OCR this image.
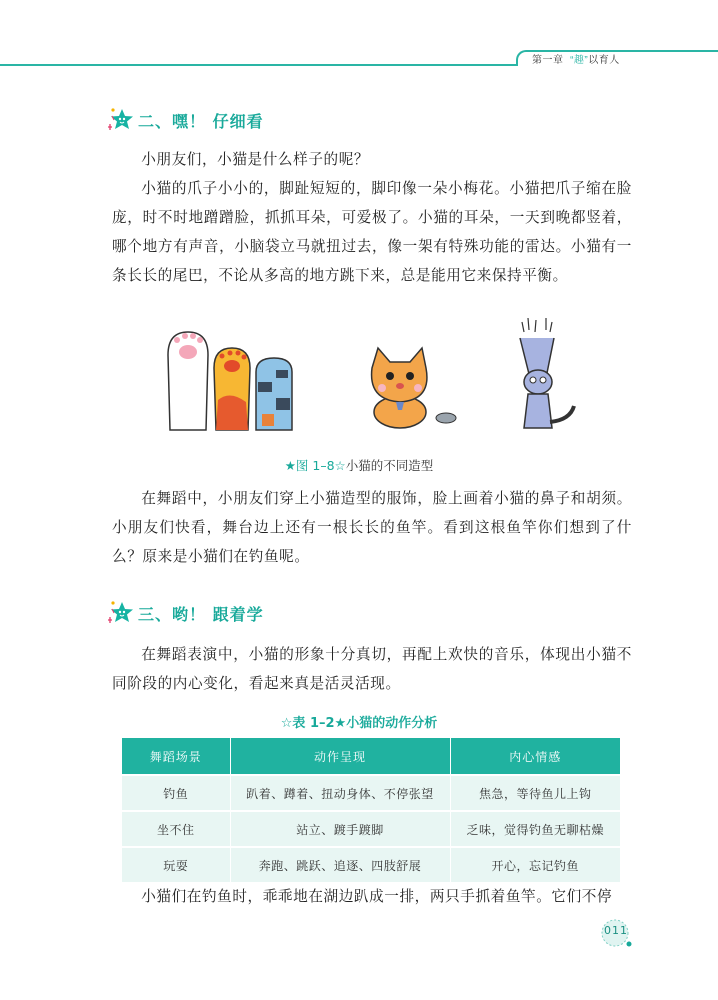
第一章 “趣”以育人
二、嘿！ 仔细看

小朋友们，小猫是什么样子的呢？

小猫的爪子小小的，脚趾短短的，脚印像一朵小梅花。小猫把爪子缩在脸庞，时不时地蹭蹭脸，抓抓耳朵，可爱极了。小猫的耳朵，一天到晚都竖着，哪个地方有声音，小脑袋立马就扭过去，像一架有特殊功能的雷达。小猫有一条长长的尾巴，不论从多高的地方跳下来，总是能用它来保持平衡。

★图 1–8☆小猫的不同造型

在舞蹈中，小朋友们穿上小猫造型的服饰，脸上画着小猫的鼻子和胡须。小朋友们快看，舞台边上还有一根长长的鱼竿。看到这根鱼竿你们想到了什么？原来是小猫们在钓鱼呢。

三、哟！ 跟着学

在舞蹈表演中，小猫的形象十分真切，再配上欢快的音乐，体现出小猫不同阶段的内心变化，看起来真是活灵活现。

☆表 1–2★小猫的动作分析
舞蹈场景	动作呈现	内心情感
钓鱼	趴着、蹲着、扭动身体、不停张望	焦急，等待鱼儿上钩
坐不住	站立、踱手踱脚	乏味，觉得钓鱼无聊枯燥
玩耍	奔跑、跳跃、追逐、四肢舒展	开心，忘记钓鱼

小猫们在钓鱼时，乖乖地在湖边趴成一排，两只手抓着鱼竿。它们不停

011
